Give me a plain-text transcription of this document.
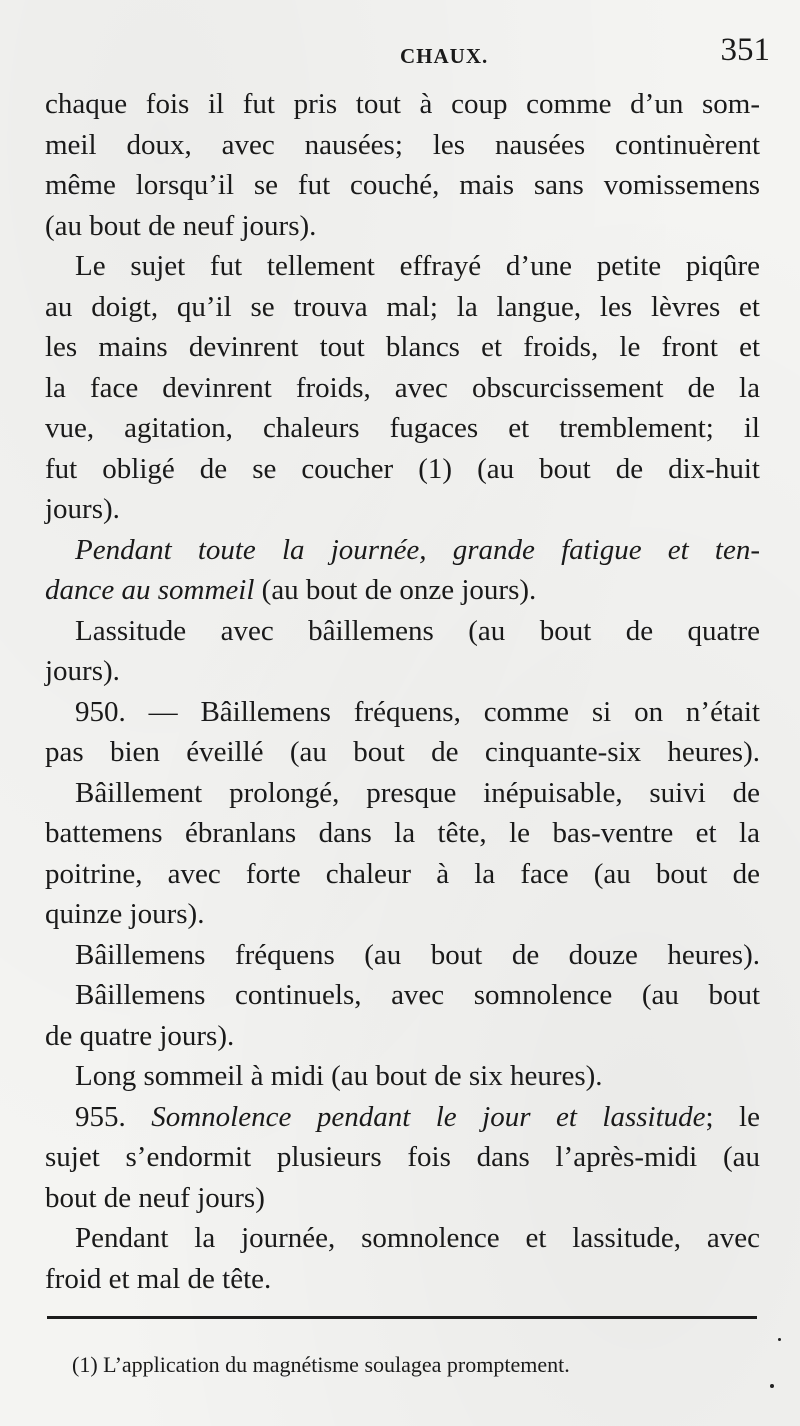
CHAUX.	351
chaque fois il fut pris tout à coup comme d’un som-
meil doux, avec nausées; les nausées continuèrent
même lorsqu’il se fut couché, mais sans vomissemens
(au bout de neuf jours).
Le sujet fut tellement effrayé d’une petite piqûre
au doigt, qu’il se trouva mal; la langue, les lèvres et
les mains devinrent tout blancs et froids, le front et
la face devinrent froids, avec obscurcissement de la
vue, agitation, chaleurs fugaces et tremblement; il
fut obligé de se coucher (1) (au bout de dix-huit
jours).
Pendant toute la journée, grande fatigue et ten-
dance au sommeil (au bout de onze jours).
Lassitude avec bâillemens (au bout de quatre
jours).
950. — Bâillemens fréquens, comme si on n’était
pas bien éveillé (au bout de cinquante-six heures).
Bâillement prolongé, presque inépuisable, suivi de
battemens ébranlans dans la tête, le bas-ventre et la
poitrine, avec forte chaleur à la face (au bout de
quinze jours).
Bâillemens fréquens (au bout de douze heures).
Bâillemens continuels, avec somnolence (au bout
de quatre jours).
Long sommeil à midi (au bout de six heures).
955. Somnolence pendant le jour et lassitude; le
sujet s’endormit plusieurs fois dans l’après-midi (au
bout de neuf jours)
Pendant la journée, somnolence et lassitude, avec
froid et mal de tête.
(1) L’application du magnétisme soulagea promptement.
